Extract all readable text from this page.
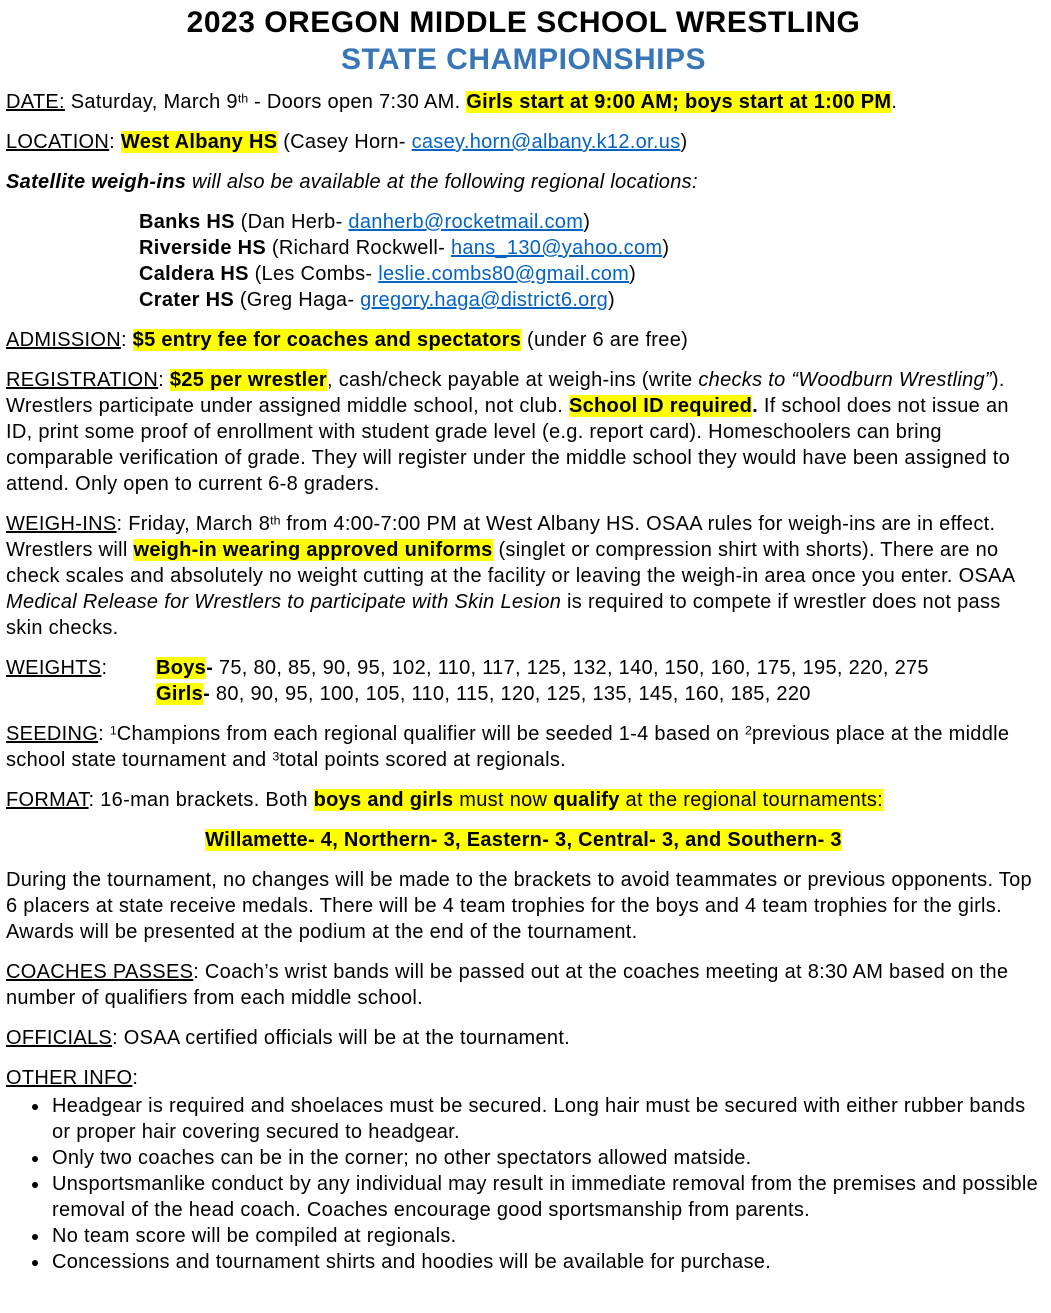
2023 OREGON MIDDLE SCHOOL WRESTLING
STATE CHAMPIONSHIPS

DATE: Saturday, March 9th - Doors open 7:30 AM. Girls start at 9:00 AM; boys start at 1:00 PM.

LOCATION: West Albany HS (Casey Horn- casey.horn@albany.k12.or.us)

Satellite weigh-ins will also be available at the following regional locations:

Banks HS (Dan Herb- danherb@rocketmail.com)
Riverside HS (Richard Rockwell- hans_130@yahoo.com)
Caldera HS (Les Combs- leslie.combs80@gmail.com)
Crater HS (Greg Haga- gregory.haga@district6.org)

ADMISSION: $5 entry fee for coaches and spectators (under 6 are free)

REGISTRATION: $25 per wrestler, cash/check payable at weigh-ins (write checks to “Woodburn Wrestling”). Wrestlers participate under assigned middle school, not club. School ID required. If school does not issue an ID, print some proof of enrollment with student grade level (e.g. report card). Homeschoolers can bring comparable verification of grade. They will register under the middle school they would have been assigned to attend. Only open to current 6-8 graders.

WEIGH-INS: Friday, March 8th from 4:00-7:00 PM at West Albany HS. OSAA rules for weigh-ins are in effect. Wrestlers will weigh-in wearing approved uniforms (singlet or compression shirt with shorts). There are no check scales and absolutely no weight cutting at the facility or leaving the weigh-in area once you enter. OSAA Medical Release for Wrestlers to participate with Skin Lesion is required to compete if wrestler does not pass skin checks.

WEIGHTS:	Boys- 75, 80, 85, 90, 95, 102, 110, 117, 125, 132, 140, 150, 160, 175, 195, 220, 275
Girls- 80, 90, 95, 100, 105, 110, 115, 120, 125, 135, 145, 160, 185, 220

SEEDING: $^1$Champions from each regional qualifier will be seeded 1-4 based on $^2$previous place at the middle school state tournament and $^3$total points scored at regionals.

FORMAT: 16-man brackets. Both boys and girls must now qualify at the regional tournaments:

Willamette- 4, Northern- 3, Eastern- 3, Central- 3, and Southern- 3

During the tournament, no changes will be made to the brackets to avoid teammates or previous opponents. Top 6 placers at state receive medals. There will be 4 team trophies for the boys and 4 team trophies for the girls. Awards will be presented at the podium at the end of the tournament.

COACHES PASSES: Coach’s wrist bands will be passed out at the coaches meeting at 8:30 AM based on the number of qualifiers from each middle school.

OFFICIALS: OSAA certified officials will be at the tournament.

OTHER INFO:

• Headgear is required and shoelaces must be secured. Long hair must be secured with either rubber bands or proper hair covering secured to headgear.
• Only two coaches can be in the corner; no other spectators allowed matside.
• Unsportsmanlike conduct by any individual may result in immediate removal from the premises and possible removal of the head coach. Coaches encourage good sportsmanship from parents.
• No team score will be compiled at regionals.
• Concessions and tournament shirts and hoodies will be available for purchase.
